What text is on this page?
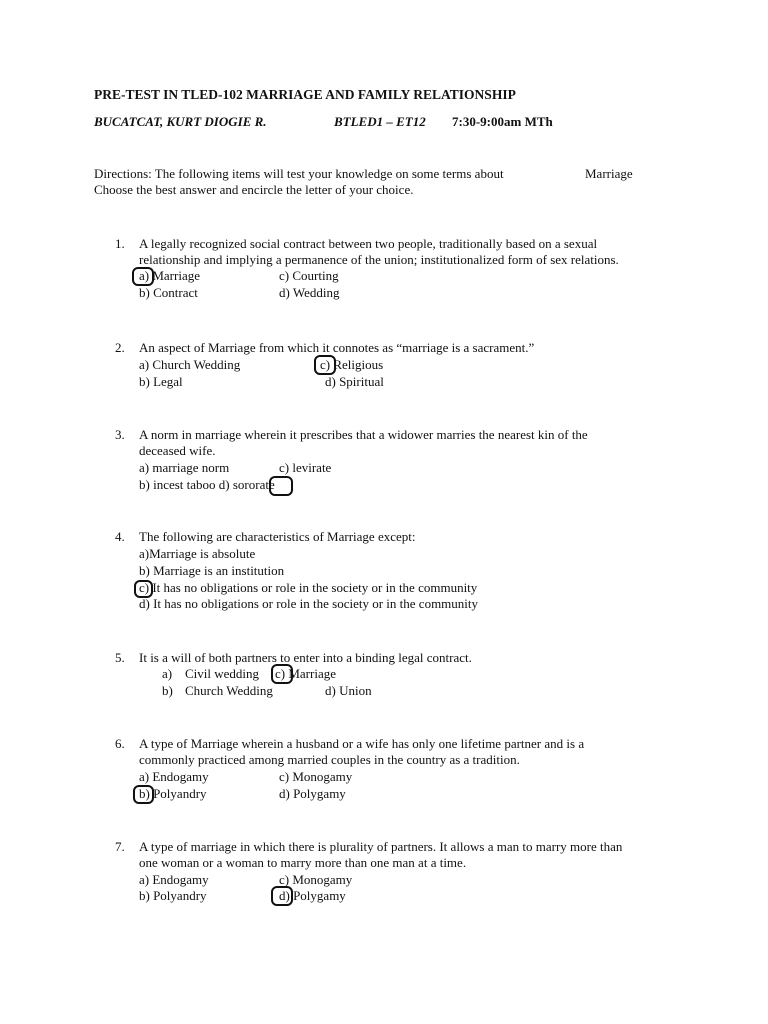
PRE-TEST IN TLED-102 MARRIAGE AND FAMILY RELATIONSHIP
BUCATCAT, KURT DIOGIE R.	BTLED1 – ET12 7:30-9:00am MTh
Directions: The following items will test your knowledge on some terms about	Marriage
Choose the best answer and encircle the letter of your choice.
1. A legally recognized social contract between two people, traditionally based on a sexual
relationship and implying a permanence of the union; institutionalized form of sex relations.
a) Marriage	c) Courting
b) Contract	d) Wedding
2. An aspect of Marriage from which it connotes as “marriage is a sacrament.”
a) Church Wedding	c) Religious
b) Legal	d) Spiritual
3. A norm in marriage wherein it prescribes that a widower marries the nearest kin of the
deceased wife.
a) marriage norm	c) levirate
b) incest taboo d) sororate
4. The following are characteristics of Marriage except:
a)Marriage is absolute
b) Marriage is an institution
c) It has no obligations or role in the society or in the community
d) It has no obligations or role in the society or in the community
5. It is a will of both partners to enter into a binding legal contract.
a) Civil wedding c) Marriage
b) Church Wedding	d) Union
6. A type of Marriage wherein a husband or a wife has only one lifetime partner and is a
commonly practiced among married couples in the country as a tradition.
a) Endogamy	c) Monogamy
b) Polyandry	d) Polygamy
7. A type of marriage in which there is plurality of partners. It allows a man to marry more than
one woman or a woman to marry more than one man at a time.
a) Endogamy	c) Monogamy
b) Polyandry	d) Polygamy
